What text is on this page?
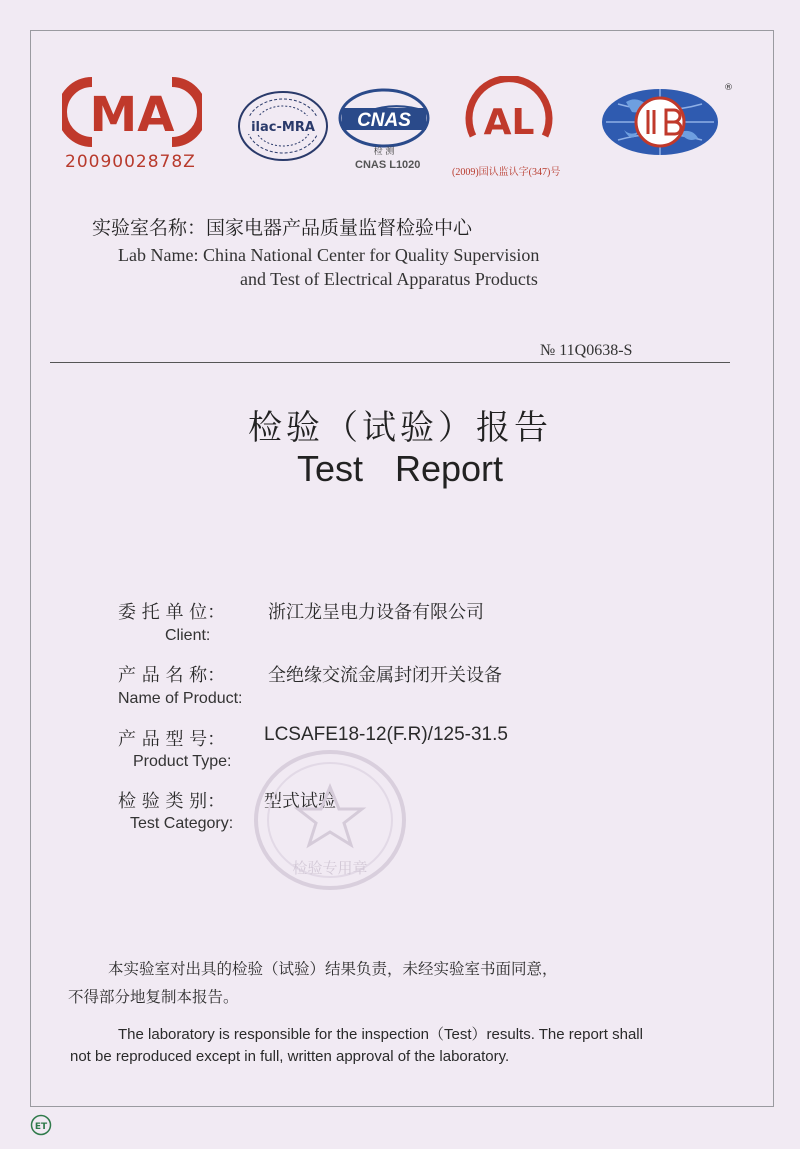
MA
2009002878Z
ilac-MRA CNAS
检 测
CNAS L1020
AL
(2009)国认监认字(347)号
®
实验室名称：国家电器产品质量监督检验中心
Lab Name: China National Center for Quality Supervision
and Test of Electrical Apparatus Products
№ 11Q0638-S
检验（试验）报告
Test Report
委 托 单 位： 浙江龙呈电力设备有限公司
Client:
产 品 名 称： 全绝缘交流金属封闭开关设备
Name of Product:
产 品 型 号： LCSAFE18-12(F.R)/125-31.5
Product Type:
检 验 类 别： 型式试验
Test Category:
检验专用章
本实验室对出具的检验（试验）结果负责，未经实验室书面同意，
不得部分地复制本报告。
The laboratory is responsible for the inspection（Test）results. The report shall
not be reproduced except in full, written approval of the laboratory.
ET
